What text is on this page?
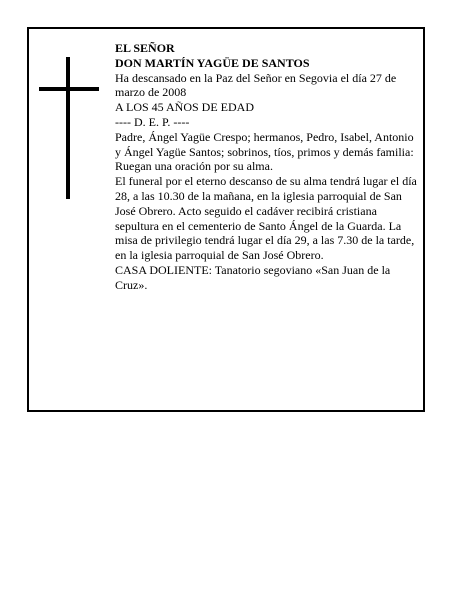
EL SEÑOR

DON MARTÍN YAGÜE DE SANTOS

Ha descansado en la Paz del Señor en Segovia el día 27 de marzo de 2008

A LOS 45 AÑOS DE EDAD

---- D. E. P. ----

Padre, Ángel Yagüe Crespo; hermanos, Pedro, Isabel, Antonio y Ángel Yagüe Santos; sobrinos, tíos, primos y demás familia:

Ruegan una oración por su alma.

El funeral por el eterno descanso de su alma tendrá lugar el día 28, a las 10.30 de la mañana, en la iglesia parroquial de San José Obrero. Acto seguido el cadáver recibirá cristiana sepultura en el cementerio de Santo Ángel de la Guarda. La misa de privilegio tendrá lugar el día 29, a las 7.30 de la tarde, en la iglesia parroquial de San José Obrero.

CASA DOLIENTE: Tanatorio segoviano «San Juan de la Cruz».
